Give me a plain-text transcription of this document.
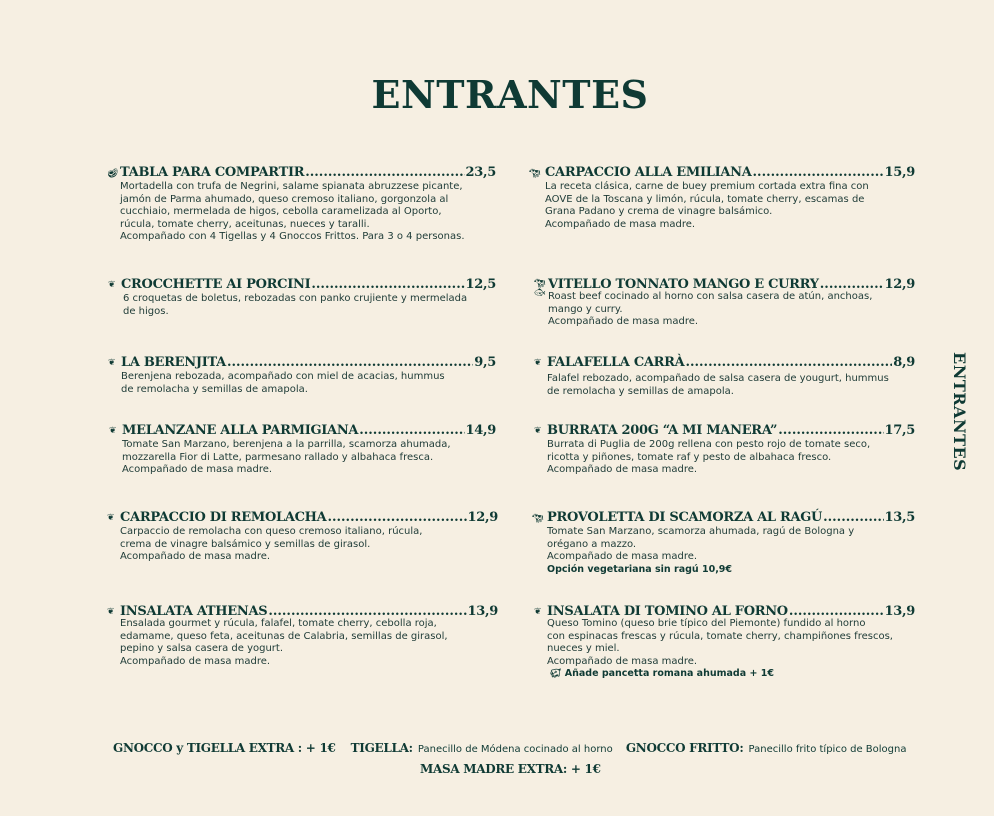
ENTRANTES
ENTRANTES
🥩︎ TABLA PARA COMPARTIR .....	23,5
Mortadella con trufa de Negrini, salame spianata abruzzese picante,
jamón de Parma ahumado, queso cremoso italiano, gorgonzola al
cucchiaio, mermelada de higos, cebolla caramelizada al Oporto,
rúcula, tomate cherry, aceitunas, nueces y taralli.
Acompañado con 4 Tigellas y 4 Gnoccos Frittos. Para 3 o 4 personas.
❦ CROCCHETTE AI PORCINI .....	12,5
6 croquetas de boletus, rebozadas con panko crujiente y mermelada
de higos.
❦ LA BERENJITA .....	9,5
Berenjena rebozada, acompañado con miel de acacias, hummus
de remolacha y semillas de amapola.
❦ MELANZANE ALLA PARMIGIANA .....	14,9
Tomate San Marzano, berenjena a la parrilla, scamorza ahumada,
mozzarella Fior di Latte, parmesano rallado y albahaca fresca.
Acompañado de masa madre.
❦ CARPACCIO DI REMOLACHA .....	12,9
Carpaccio de remolacha con queso cremoso italiano, rúcula,
crema de vinagre balsámico y semillas de girasol.
Acompañado de masa madre.
❦ INSALATA ATHENAS .....	13,9
Ensalada gourmet y rúcula, falafel, tomate cherry, cebolla roja,
edamame, queso feta, aceitunas de Calabria, semillas de girasol,
pepino y salsa casera de yogurt.
Acompañado de masa madre.
🐄︎ CARPACCIO ALLA EMILIANA .....	15,9
La receta clásica, carne de buey premium cortada extra fina con
AOVE de la Toscana y limón, rúcula, tomate cherry, escamas de
Grana Padano y crema de vinagre balsámico.
Acompañado de masa madre.
🐄︎
🐟︎
VITELLO TONNATO MANGO E CURRY .....	12,9
Roast beef cocinado al horno con salsa casera de atún, anchoas,
mango y curry.
Acompañado de masa madre.
❦ FALAFELLA CARRÀ .....	8,9
Falafel rebozado, acompañado de salsa casera de yougurt, hummus
de remolacha y semillas de amapola.
❦ BURRATA 200G “A MI MANERA” .....	17,5
Burrata di Puglia de 200g rellena con pesto rojo de tomate seco,
ricotta y piñones, tomate raf y pesto de albahaca fresco.
Acompañado de masa madre.
🐄︎ PROVOLETTA DI SCAMORZA AL RAGÚ .....	13,5
Tomate San Marzano, scamorza ahumada, ragú de Bologna y
orégano a mazzo.
Acompañado de masa madre.
Opción vegetariana sin ragú 10,9€
❦ INSALATA DI TOMINO AL FORNO .....	13,9
Queso Tomino (queso brie típico del Piemonte) fundido al horno
con espinacas frescas y rúcula, tomate cherry, champiñones frescos,
nueces y miel.
Acompañado de masa madre.
🐖︎ Añade pancetta romana ahumada + 1€
GNOCCO y TIGELLA EXTRA : + 1€ TIGELLA: Panecillo de Módena cocinado al horno GNOCCO FRITTO: Panecillo frito típico de Bologna
MASA MADRE EXTRA: + 1€
